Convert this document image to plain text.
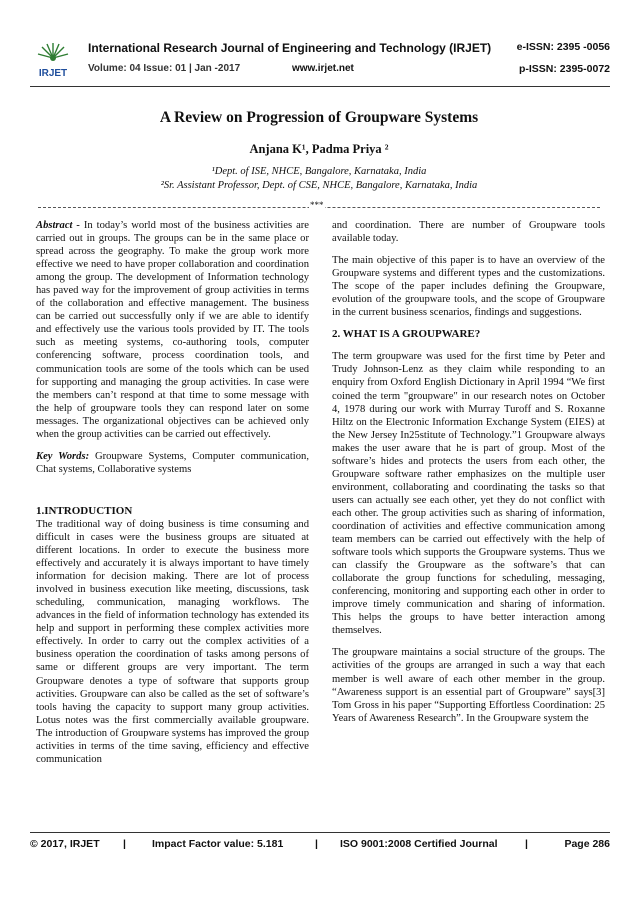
IRJET
International Research Journal of Engineering and Technology (IRJET) e-ISSN: 2395 -0056
Volume: 04 Issue: 01 | Jan -2017	www.irjet.net	p-ISSN: 2395-0072
A Review on Progression of Groupware Systems
Anjana K¹, Padma Priya ²
¹Dept. of ISE, NHCE, Bangalore, Karnataka, India
²Sr. Assistant Professor, Dept. of CSE, NHCE, Bangalore, Karnataka, India
***

Abstract - In today’s world most of the business activities are carried out in groups. The groups can be in the same place or spread across the geography. To make the group work more effective we need to have proper collaboration and coordination among the group. The development of Information technology has paved way for the improvement of group activities in terms of the collaboration and effective management. The business can be carried out successfully only if we are able to identify and effectively use the various tools provided by IT. The tools such as meeting systems, co-authoring tools, computer conferencing software, process coordination tools, and communication tools are some of the tools which can be used for supporting and managing the group activities. In case were the members can’t respond at that time to some message with the help of groupware tools they can respond later on some messages. The organizational objectives can be achieved only when the group activities can be carried out effectively.

Key Words: Groupware Systems, Computer communication, Chat systems, Collaborative systems

1.INTRODUCTION

The traditional way of doing business is time consuming and difficult in cases were the business groups are situated at different locations. In order to execute the business more effectively and accurately it is always important to have timely information for decision making. There are lot of process involved in business execution like meeting, discussions, task scheduling, communication, managing workflows. The advances in the field of information technology has extended its help and support in performing these complex activities more effectively. In order to carry out the complex activities of a business operation the coordination of tasks among persons of same or different groups are very important. The term Groupware denotes a type of software that supports group activities. Groupware can also be called as the set of software’s tools having the capacity to support many group activities. Lotus notes was the first commercially available groupware. The introduction of Groupware systems has improved the group activities in terms of the time saving, efficiency and effective communication

and coordination. There are number of Groupware tools available today.

The main objective of this paper is to have an overview of the Groupware systems and different types and the customizations. The scope of the paper includes defining the Groupware, evolution of the groupware tools, and the scope of Groupware in the current business scenarios, findings and suggestions.

2. WHAT IS A GROUPWARE?

The term groupware was used for the first time by Peter and Trudy Johnson-Lenz as they claim while responding to an enquiry from Oxford English Dictionary in April 1994 “We first coined the term "groupware" in our research notes on October 4, 1978 during our work with Murray Turoff and S. Roxanne Hiltz on the Electronic Information Exchange System (EIES) at the New Jersey In25stitute of Technology.”1 Groupware always makes the user aware that he is part of group. Most of the software’s hides and protects the users from each other, the Groupware software rather emphasizes on the multiple user environment, collaborating and coordinating the tasks so that users can actually see each other, yet they do not conflict with each other. The group activities such as sharing of information, coordination of activities and effective communication among team members can be carried out effectively with the help of software tools which supports the Groupware systems. Thus we can classify the Groupware as the software’s that can collaborate the group functions for scheduling, messaging, conferencing, monitoring and supporting each other in order to improve timely communication and sharing of information. This helps the groups to have better interaction among themselves.

The groupware maintains a social structure of the groups. The activities of the groups are arranged in such a way that each member is well aware of each other member in the group. “Awareness support is an essential part of Groupware” says[3] Tom Gross in his paper “Supporting Effortless Coordination: 25 Years of Awareness Research”. In the Groupware system the

© 2017, IRJET | Impact Factor value: 5.181	| ISO 9001:2008 Certified Journal	|	Page 286
